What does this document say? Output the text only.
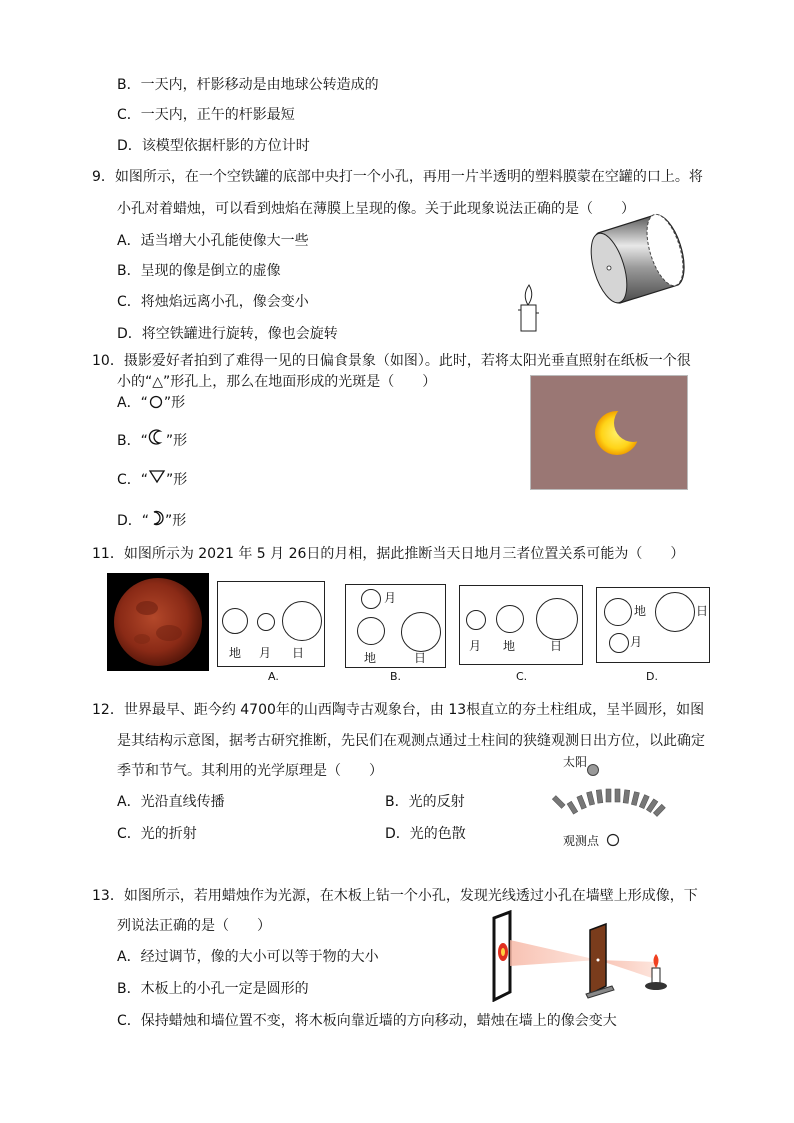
B．一天内，杆影移动是由地球公转造成的
C．一天内，正午的杆影最短
D．该模型依据杆影的方位计时
9．如图所示，在一个空铁罐的底部中央打一个小孔，再用一片半透明的塑料膜蒙在空罐的口上。将
小孔对着蜡烛，可以看到烛焰在薄膜上呈现的像。关于此现象说法正确的是（　　）
A．适当增大小孔能使像大一些
B．呈现的像是倒立的虚像
C．将烛焰远离小孔，像会变小
D．将空铁罐进行旋转，像也会旋转
10．摄影爱好者拍到了难得一见的日偏食景象（如图）。此时，若将太阳光垂直照射在纸板一个很
小的“△”形孔上，那么在地面形成的光斑是（　　）
A．“ ”形
B．“ ”形
C．“ ”形
D．“ ”形
11．如图所示为 2021 年 5 月 26日的月相，据此推断当天日地月三者位置关系可能为（　　）
地 月 日
A.
月
地	日
B.
月 地	日
C.
地	日
月
D.
12．世界最早、距今约 4700年的山西陶寺古观象台，由 13根直立的夯土柱组成，呈半圆形，如图
是其结构示意图，据考古研究推断，先民们在观测点通过土柱间的狭缝观测日出方位，以此确定
季节和节气。其利用的光学原理是（　　）
A．光沿直线传播	B．光的反射
C．光的折射	D．光的色散
太阳
观测点
13．如图所示，若用蜡烛作为光源，在木板上钻一个小孔，发现光线透过小孔在墙壁上形成像，下
列说法正确的是（　　）
A．经过调节，像的大小可以等于物的大小
B．木板上的小孔一定是圆形的
C．保持蜡烛和墙位置不变，将木板向靠近墙的方向移动，蜡烛在墙上的像会变大
